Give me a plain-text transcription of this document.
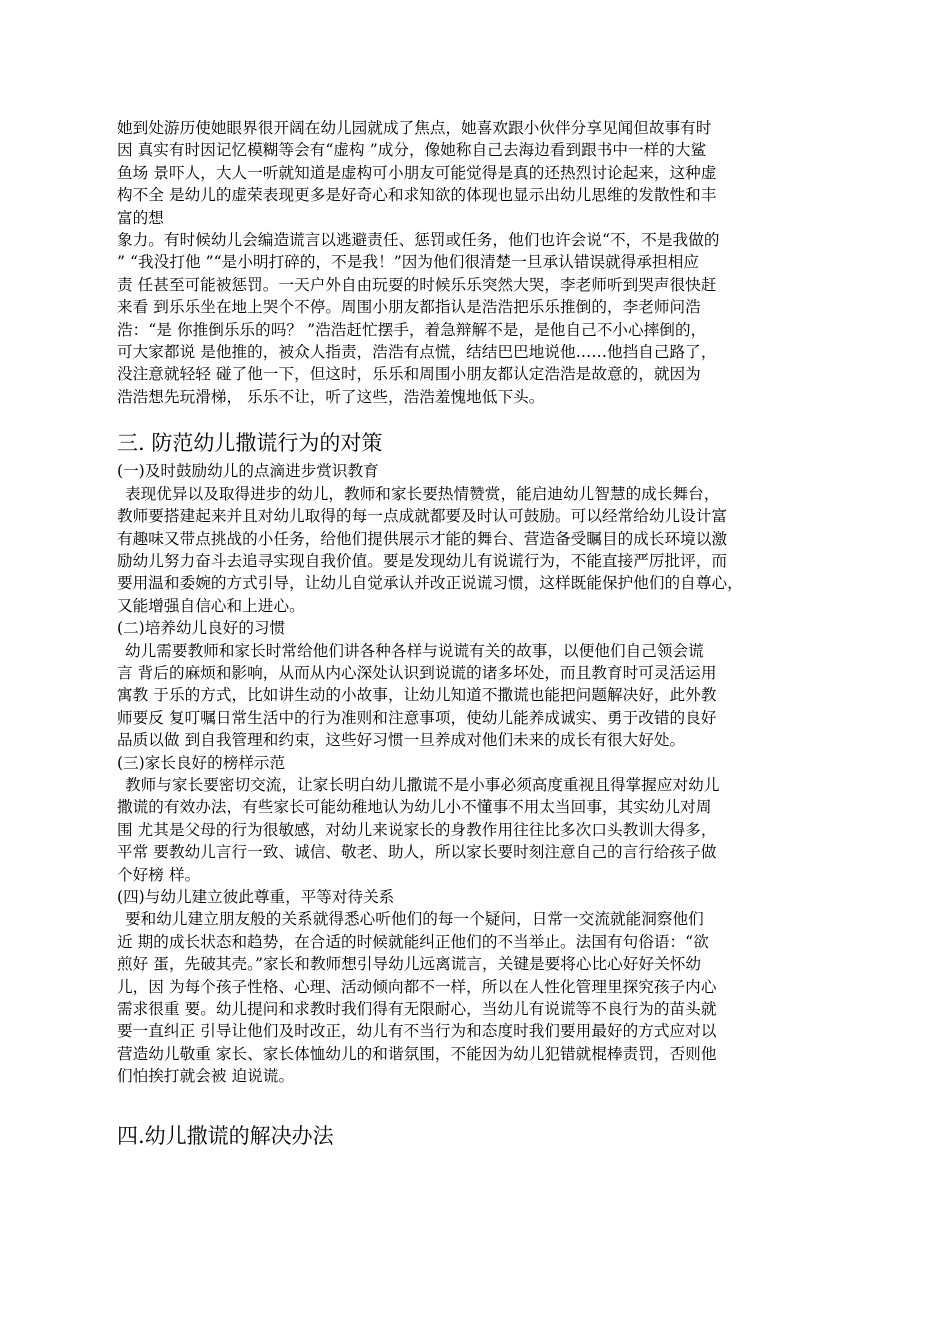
她到处游历使她眼界很开阔在幼儿园就成了焦点，她喜欢跟小伙伴分享见闻但故事有时
因 真实有时因记忆模糊等会有“虚构 ”成分，像她称自己去海边看到跟书中一样的大鲨
鱼场 景吓人，大人一听就知道是虚构可小朋友可能觉得是真的还热烈讨论起来，这种虚
构不全 是幼儿的虚荣表现更多是好奇心和求知欲的体现也显示出幼儿思维的发散性和丰
富的想
象力。有时候幼儿会编造谎言以逃避责任、惩罚或任务，他们也许会说“不，不是我做的
” “我没打他 ”“是小明打碎的，不是我！”因为他们很清楚一旦承认错误就得承担相应
责 任甚至可能被惩罚。一天户外自由玩耍的时候乐乐突然大哭，李老师听到哭声很快赶
来看 到乐乐坐在地上哭个不停。周围小朋友都指认是浩浩把乐乐推倒的，李老师问浩
浩：“是 你推倒乐乐的吗？ ”浩浩赶忙摆手，着急辩解不是，是他自己不小心摔倒的，
可大家都说 是他推的，被众人指责，浩浩有点慌，结结巴巴地说他……他挡自己路了，
没注意就轻轻 碰了他一下，但这时，乐乐和周围小朋友都认定浩浩是故意的，就因为
浩浩想先玩滑梯， 乐乐不让，听了这些，浩浩羞愧地低下头。
三. 防范幼儿撒谎行为的对策
(一)及时鼓励幼儿的点滴进步赏识教育
表现优异以及取得进步的幼儿，教师和家长要热情赞赏，能启迪幼儿智慧的成长舞台，
教师要搭建起来并且对幼儿取得的每一点成就都要及时认可鼓励。可以经常给幼儿设计富
有趣味又带点挑战的小任务，给他们提供展示才能的舞台、营造备受瞩目的成长环境以激
励幼儿努力奋斗去追寻实现自我价值。要是发现幼儿有说谎行为，不能直接严厉批评，而
要用温和委婉的方式引导，让幼儿自觉承认并改正说谎习惯，这样既能保护他们的自尊心，
又能增强自信心和上进心。
(二)培养幼儿良好的习惯
幼儿需要教师和家长时常给他们讲各种各样与说谎有关的故事，以便他们自己领会谎
言 背后的麻烦和影响，从而从内心深处认识到说谎的诸多坏处，而且教育时可灵活运用
寓教 于乐的方式，比如讲生动的小故事，让幼儿知道不撒谎也能把问题解决好，此外教
师要反 复叮嘱日常生活中的行为准则和注意事项，使幼儿能养成诚实、勇于改错的良好
品质以做 到自我管理和约束，这些好习惯一旦养成对他们未来的成长有很大好处。
(三)家长良好的榜样示范
教师与家长要密切交流，让家长明白幼儿撒谎不是小事必须高度重视且得掌握应对幼儿
撒谎的有效办法，有些家长可能幼稚地认为幼儿小不懂事不用太当回事，其实幼儿对周
围 尤其是父母的行为很敏感，对幼儿来说家长的身教作用往往比多次口头教训大得多，
平常 要教幼儿言行一致、诚信、敬老、助人，所以家长要时刻注意自己的言行给孩子做
个好榜 样。
(四)与幼儿建立彼此尊重，平等对待关系
要和幼儿建立朋友般的关系就得悉心听他们的每一个疑问，日常一交流就能洞察他们
近 期的成长状态和趋势，在合适的时候就能纠正他们的不当举止。法国有句俗语：“欲
煎好 蛋，先破其壳。”家长和教师想引导幼儿远离谎言，关键是要将心比心好好关怀幼
儿，因 为每个孩子性格、心理、活动倾向都不一样，所以在人性化管理里探究孩子内心
需求很重 要。幼儿提问和求教时我们得有无限耐心，当幼儿有说谎等不良行为的苗头就
要一直纠正 引导让他们及时改正，幼儿有不当行为和态度时我们要用最好的方式应对以
营造幼儿敬重 家长、家长体恤幼儿的和谐氛围，不能因为幼儿犯错就棍棒责罚，否则他
们怕挨打就会被 迫说谎。
四.幼儿撒谎的解决办法
